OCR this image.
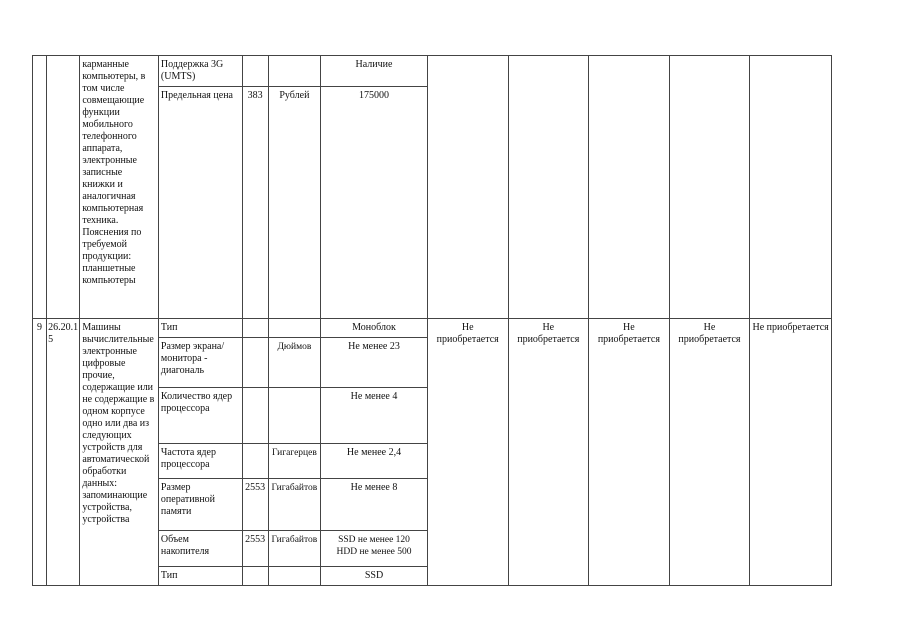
		карманные компьютеры, в том числе совмещающие функции мобильного телефонного аппарата, электронные записные книжки и аналогичная компьютерная техника. Пояснения по требуемой продукции: планшетные компьютеры	Поддержка 3G (UMTS)			Наличие					
			Предельная цена	383	Рублей	175000					
9	26.20.15	Машины вычислительные электронные цифровые прочие, содержащие или не содержащие в одном корпусе одно или два из следующих устройств для автоматической обработки данных: запоминающие устройства, устройства	Тип			Моноблок	Не приобретается	Не приобретается	Не приобретается	Не приобретается	Не приобретается
			Размер экрана/монитора - диагональ		Дюймов	Не менее 23					
			Количество ядер процессора			Не менее 4					
			Частота ядер процессора		Гигагерцев	Не менее 2,4					
			Размер оперативной памяти	2553	Гигабайтов	Не менее 8					
			Объем накопителя	2553	Гигабайтов	SSD не менее 120
HDD не менее 500					

			Тип			SSD					
